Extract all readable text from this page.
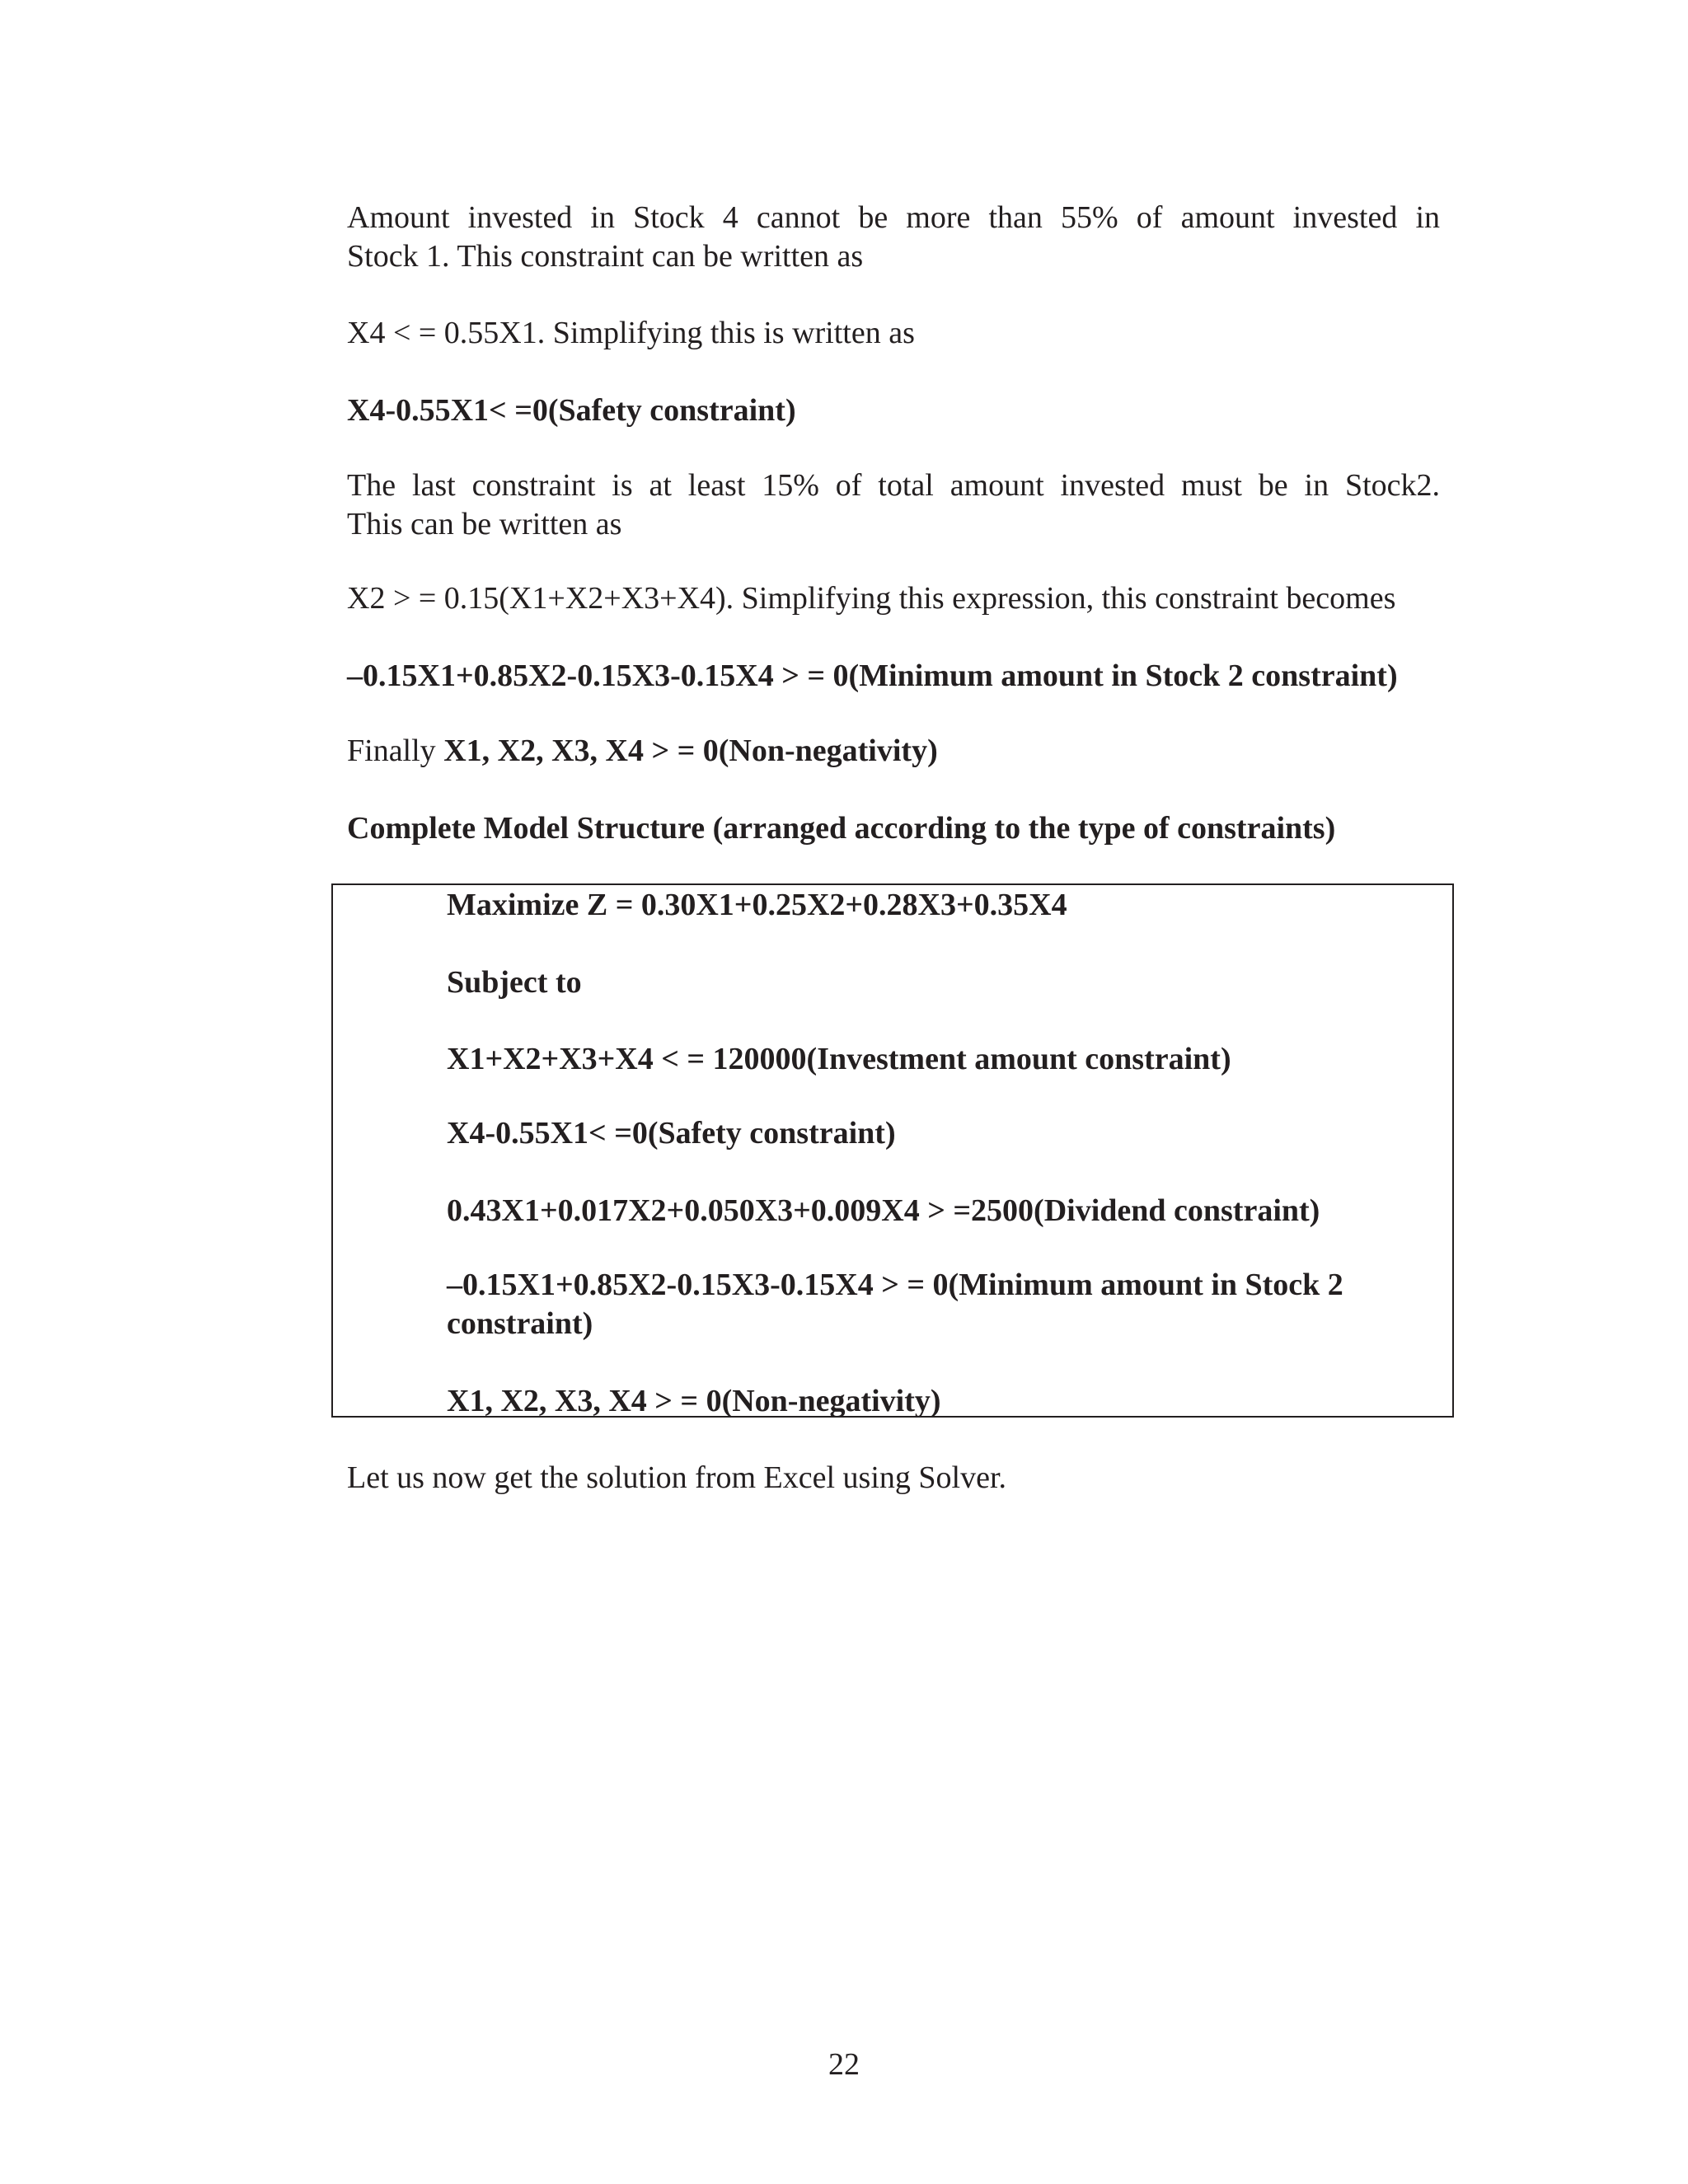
Amount invested in Stock 4 cannot be more than 55% of amount invested in
Stock 1. This constraint can be written as
X4 < = 0.55X1. Simplifying this is written as
X4-0.55X1< =0(Safety constraint)
The last constraint is at least 15% of total amount invested must be in Stock2.
This can be written as
X2 > = 0.15(X1+X2+X3+X4). Simplifying this expression, this constraint becomes
–0.15X1+0.85X2-0.15X3-0.15X4 > = 0(Minimum amount in Stock 2 constraint)
Finally X1, X2, X3, X4 > = 0(Non-negativity)
Complete Model Structure (arranged according to the type of constraints)
Maximize Z = 0.30X1+0.25X2+0.28X3+0.35X4
Subject to
X1+X2+X3+X4 < = 120000(Investment amount constraint)
X4-0.55X1< =0(Safety constraint)
0.43X1+0.017X2+0.050X3+0.009X4 > =2500(Dividend constraint)
–0.15X1+0.85X2-0.15X3-0.15X4 > = 0(Minimum amount in Stock 2
constraint)
X1, X2, X3, X4 > = 0(Non-negativity)
Let us now get the solution from Excel using Solver.
22
